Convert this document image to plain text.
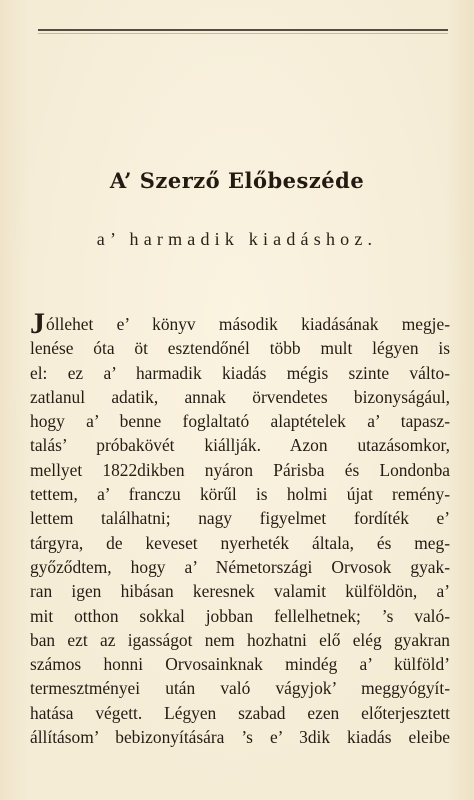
A’ Szerző Előbeszéde
a’ harmadik kiadáshoz.
Jóllehet e’ könyv második kiadásának megje-
lenése óta öt esztendőnél több mult légyen is
el: ez a’ harmadik kiadás mégis szinte válto-
zatlanul adatik, annak örvendetes bizonyságául,
hogy a’ benne foglaltató alaptételek a’ tapasz-
talás’ próbakövét kiállják. Azon utazásomkor,
mellyet 1822dikben nyáron Párisba és Londonba
tettem, a’ franczu körűl is holmi újat remény-
lettem találhatni; nagy figyelmet fordíték e’
tárgyra, de keveset nyerheték általa, és meg-
győződtem, hogy a’ Németországi Orvosok gyak-
ran igen hibásan keresnek valamit külföldön, a’
mit otthon sokkal jobban fellelhetnek; ’s való-
ban ezt az igasságot nem hozhatni elő elég gyakran
számos honni Orvosainknak mindég a’ külföld’
termesztményei után való vágyjok’ meggyógyít-
hatása végett. Légyen szabad ezen előterjesztett
állításom’ bebizonyítására ’s e’ 3dik kiadás eleibe
